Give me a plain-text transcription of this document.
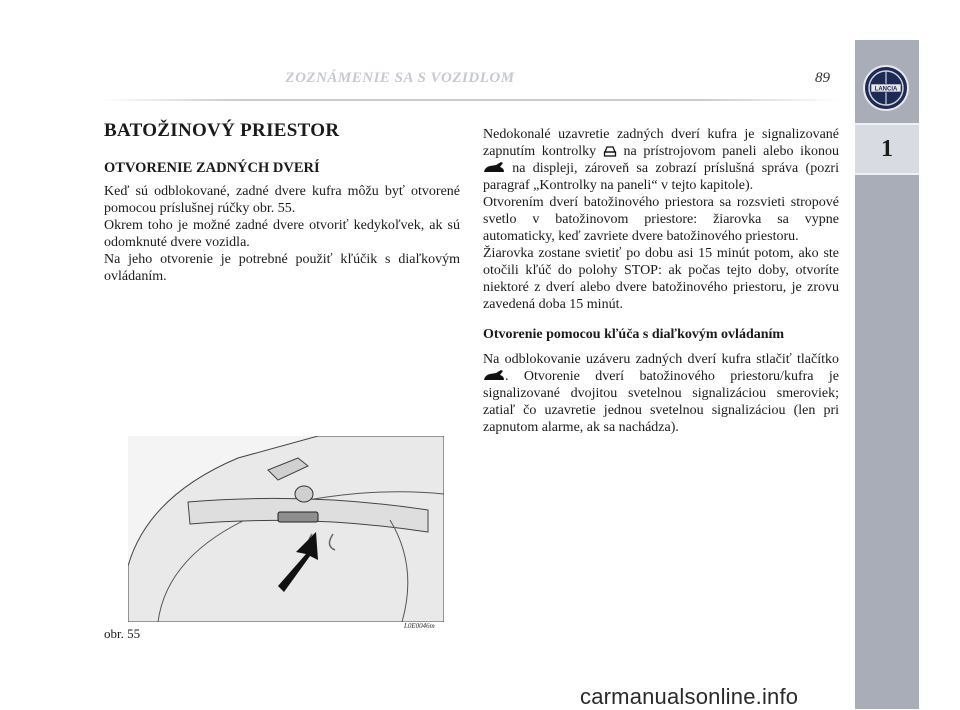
ZOZNÁMENIE SA S VOZIDLOM	89
LANCIA
1
BATOŽINOVÝ PRIESTOR
OTVORENIE ZADNÝCH DVERÍ

Keď sú odblokované, zadné dvere kufra môžu byť otvorené pomocou príslušnej rúčky obr. 55.

Okrem toho je možné zadné dvere otvoriť kedykoľvek, ak sú odomknuté dvere vozidla.

Na jeho otvorenie je potrebné použiť kľúčik s diaľkovým ovládaním.

obr. 55	L0E0046m

Nedokonalé uzavretie zadných dverí kufra je signalizované zapnutím kontrolky na prístrojovom paneli alebo ikonou  na displeji, zároveň sa zobrazí príslušná správa (pozri paragraf „Kontrolky na paneli“ v tejto kapitole).

Otvorením dverí batožinového priestora sa rozsvieti stropové svetlo v batožinovom priestore: žiarovka sa vypne automaticky, keď zavriete dvere batožinového priestoru.

Žiarovka zostane svietiť po dobu asi 15 minút potom, ako ste otočili kľúč do polohy STOP: ak počas tejto doby, otvoríte niektoré z dverí alebo dvere batožinového priestoru, je zrovu zavedená doba 15 minút.

Otvorenie pomocou kľúča s diaľkovým ovládaním

Na odblokovanie uzáveru zadných dverí kufra stlačiť tlačítko . Otvorenie dverí batožinového priestoru/kufra je signalizované dvojitou svetelnou signalizáciou smeroviek; zatiaľ čo uzavretie jednou svetelnou signalizáciou (len pri zapnutom alarme, ak sa nachádza).

carmanualsonline.info
